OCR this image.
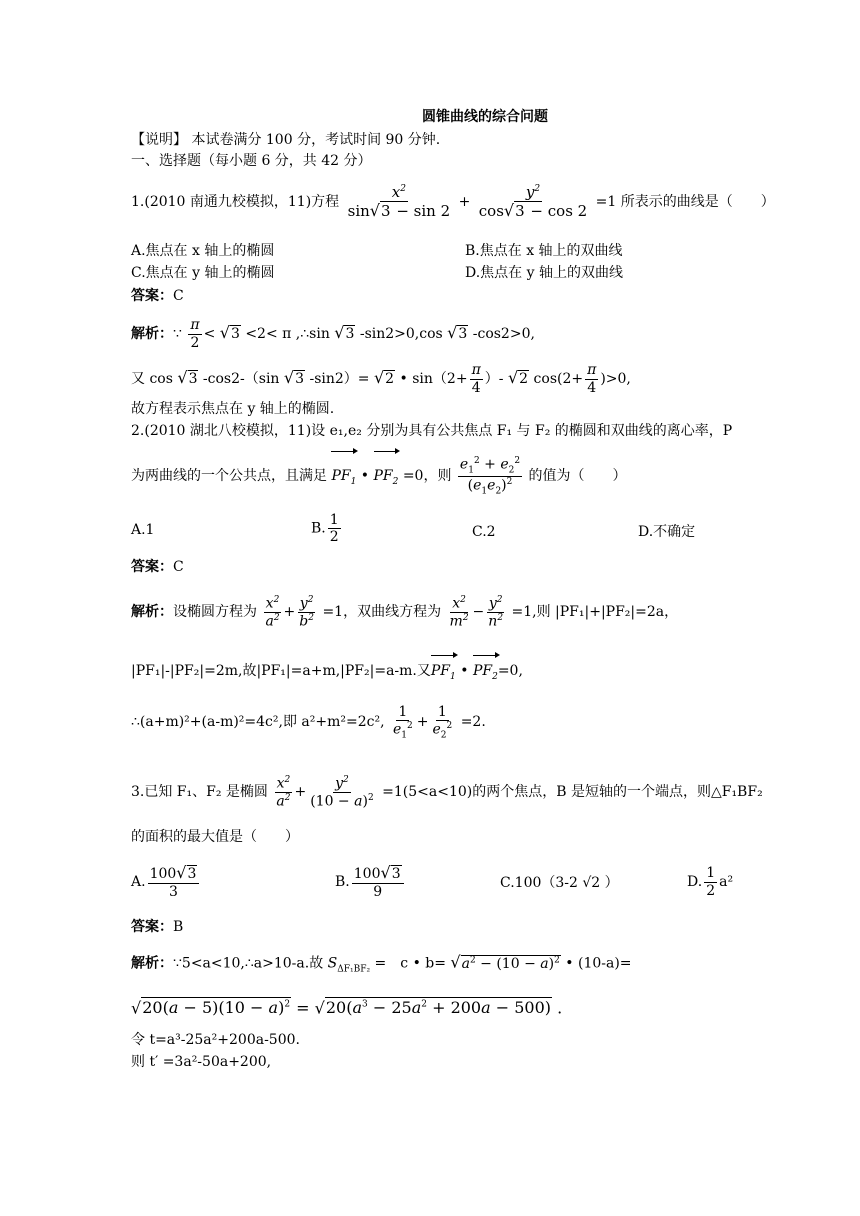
圆锥曲线的综合问题
【说明】 本试卷满分 100 分，考试时间 90 分钟.
一、选择题（每小题 6 分，共 42 分）
1.(2010 南通九校模拟，11)方程 $\frac{x^2}{\sin√3 - \sin 2} + \frac{y^2}{\cos√3 - \cos 2} =1$ 所表示的曲线是（　　）
A.焦点在 x 轴上的椭圆	B.焦点在 x 轴上的双曲线
C.焦点在 y 轴上的椭圆	D.焦点在 y 轴上的双曲线
答案：C
解析：∵ $\frac{\pi}{2} < √3 <2< \pi$ ,∴sin √3 -sin2>0,cos √3 -cos2>0,
又 cos √3 -cos2-（sin √3 -sin2）= √2 • $\sin(2+ \frac{\pi}{4}$ ）- √2 $\cos(2+ \frac{\pi}{4} )>0$,
故方程表示焦点在 y 轴上的椭圆.
2.(2010 湖北八校模拟，11)设 e₁,e₂ 分别为具有公共焦点 F₁ 与 F₂ 的椭圆和双曲线的离心率，P
为两曲线的一个公共点，且满足 $PF_1$ • $PF_2 =0$，则 $\frac{e_1^2 + e_2^2}{(e_1e_2)^2}$ 的值为（　　）
A.1	B. $\frac{1}{2}$	C.2	D.不确定
答案：C
解析：设椭圆方程为 $\frac{x^2}{a^2} + \frac{y^2}{b^2} =1$，双曲线方程为 $\frac{x^2}{m^2} - \frac{y^2}{n^2} =1$,则 |PF₁|+|PF₂|=2a，
|PF₁|-|PF₂|=2m,故|PF₁|=a+m,|PF₂|=a-m.又$PF_1$ • $PF_2=0$,
∴(a+m)²+(a-m)²=4c²,即 a²+m²=2c², $\frac{1}{e_1^2} + \frac{1}{e_2^2} =2$.
3.已知 F₁、F₂ 是椭圆 $\frac{x^2}{a^2} + \frac{y^2}{(10 - a)^2} =1(5<a<10)$的两个焦点，B 是短轴的一个端点，则△F₁BF₂
的面积的最大值是（　　）
A. $\frac{100√3}{3}$	B. $\frac{100√3}{9}$	C.100（3-2 √2 ）	D. $\frac{1}{2} a^2$
答案：B
解析：∵5<a<10,∴a>10-a.故 $S_{\Delta F_1BF_2}$ =　c • $b= √a^2 - (10 - a)^2$ • (10-a)=
$√20(a - 5)(10 - a)^2 = √20(a^3 - 25a^2 + 200a - 500)$ .
令 t=a³-25a²+200a-500.
则 t′ =3a²-50a+200,
